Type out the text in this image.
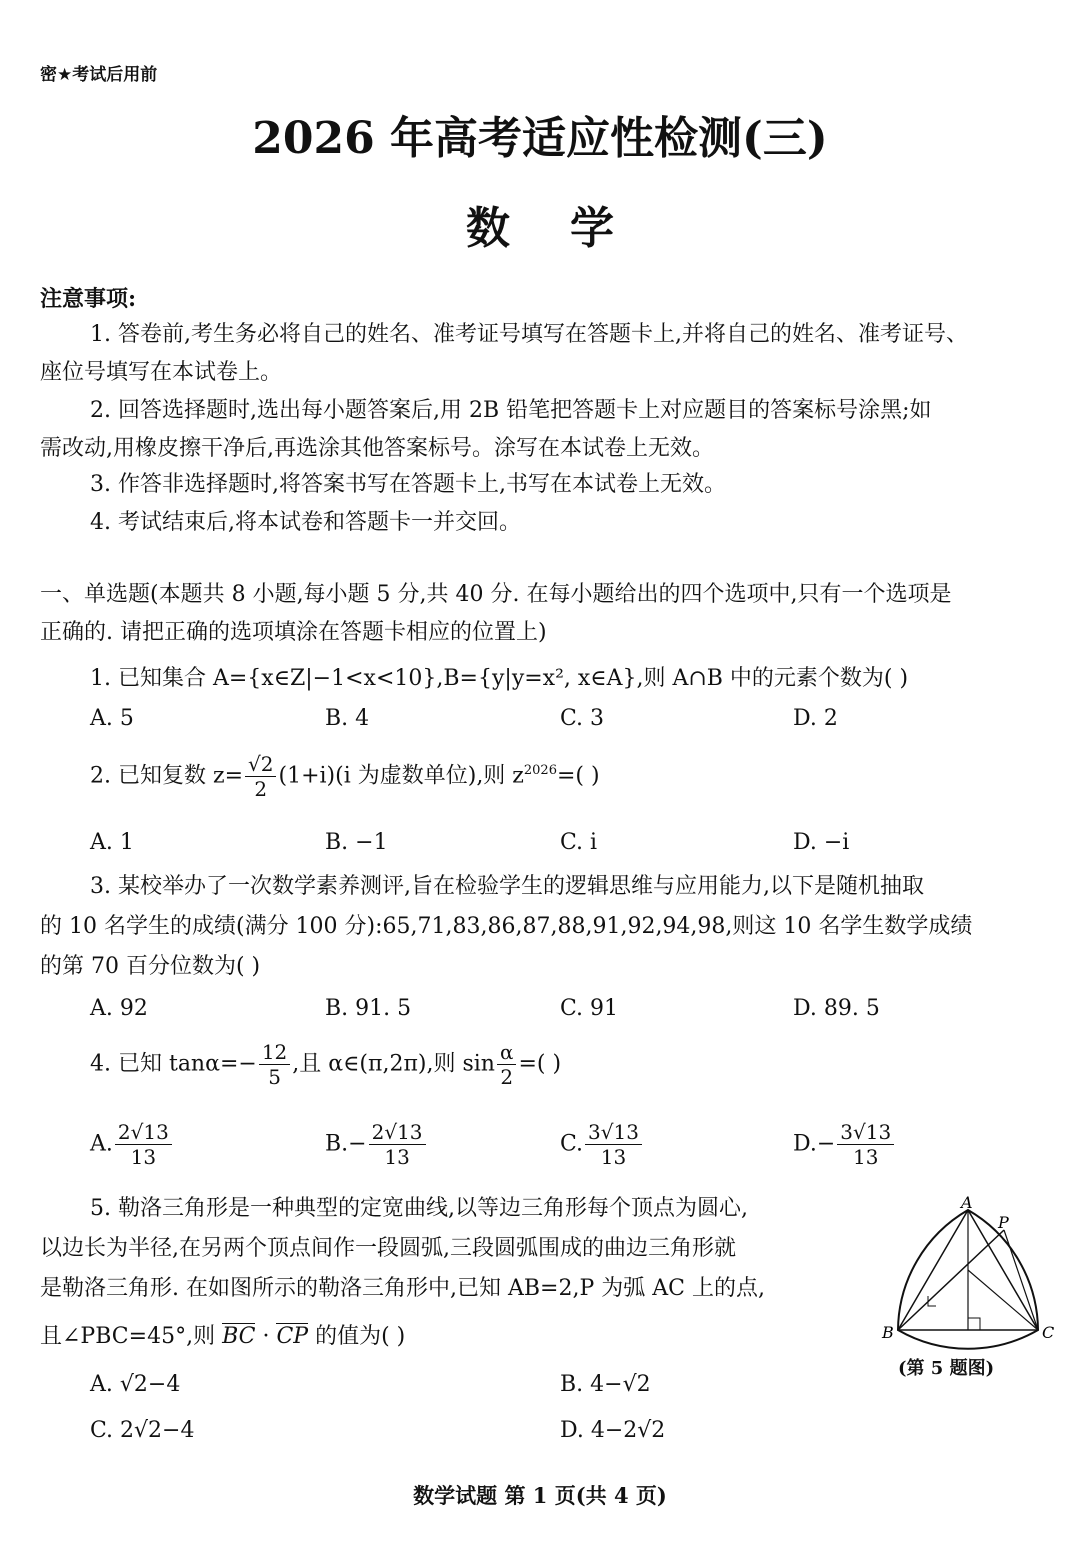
密★考试后用前
2026 年高考适应性检测(三)
数学
注意事项:
1. 答卷前,考生务必将自己的姓名、准考证号填写在答题卡上,并将自己的姓名、准考证号、
座位号填写在本试卷上。
2. 回答选择题时,选出每小题答案后,用 2B 铅笔把答题卡上对应题目的答案标号涂黑;如
需改动,用橡皮擦干净后,再选涂其他答案标号。涂写在本试卷上无效。
3. 作答非选择题时,将答案书写在答题卡上,书写在本试卷上无效。
4. 考试结束后,将本试卷和答题卡一并交回。
一、单选题(本题共 8 小题,每小题 5 分,共 40 分. 在每小题给出的四个选项中,只有一个选项是
正确的. 请把正确的选项填涂在答题卡相应的位置上)
1. 已知集合 A={x∈Z|−1<x<10},B={y|y=x², x∈A},则 A∩B 中的元素个数为( )
A. 5	B. 4	C. 3	D. 2
2. 已知复数 $z= \frac{√2}{2} (1+i)(i$ 为虚数单位),则 $z^{2026}=$( )
A. 1	B. −1	C. i	D. −i
3. 某校举办了一次数学素养测评,旨在检验学生的逻辑思维与应用能力,以下是随机抽取
的 10 名学生的成绩(满分 100 分):65,71,83,86,87,88,91,92,94,98,则这 10 名学生数学成绩
的第 70 百分位数为( )
A. 92	B. 91. 5	C. 91	D. 89. 5
4. 已知 $\tan\alpha=- \frac{12}{5}$ ,且 α∈(π,2π),则 $\sin \frac{\alpha}{2}$ =( )
A. $\frac{2√13}{13}$	$B.- \frac{2√13}{13}$	C. $\frac{3√13}{13}$	$D.- \frac{3√13}{13}$
5. 勒洛三角形是一种典型的定宽曲线,以等边三角形每个顶点为圆心,
以边长为半径,在另两个顶点间作一段圆弧,三段圆弧围成的曲边三角形就
是勒洛三角形. 在如图所示的勒洛三角形中,已知 AB=2,P 为弧 AC 上的点,
且∠PBC=45°,则 BC · CP 的值为( )
A. √2−4	B. 4−√2
C. 2√2−4	D. 4−2√2
A
P
B	C
(第 5 题图)
数学试题 第 1 页(共 4 页)
